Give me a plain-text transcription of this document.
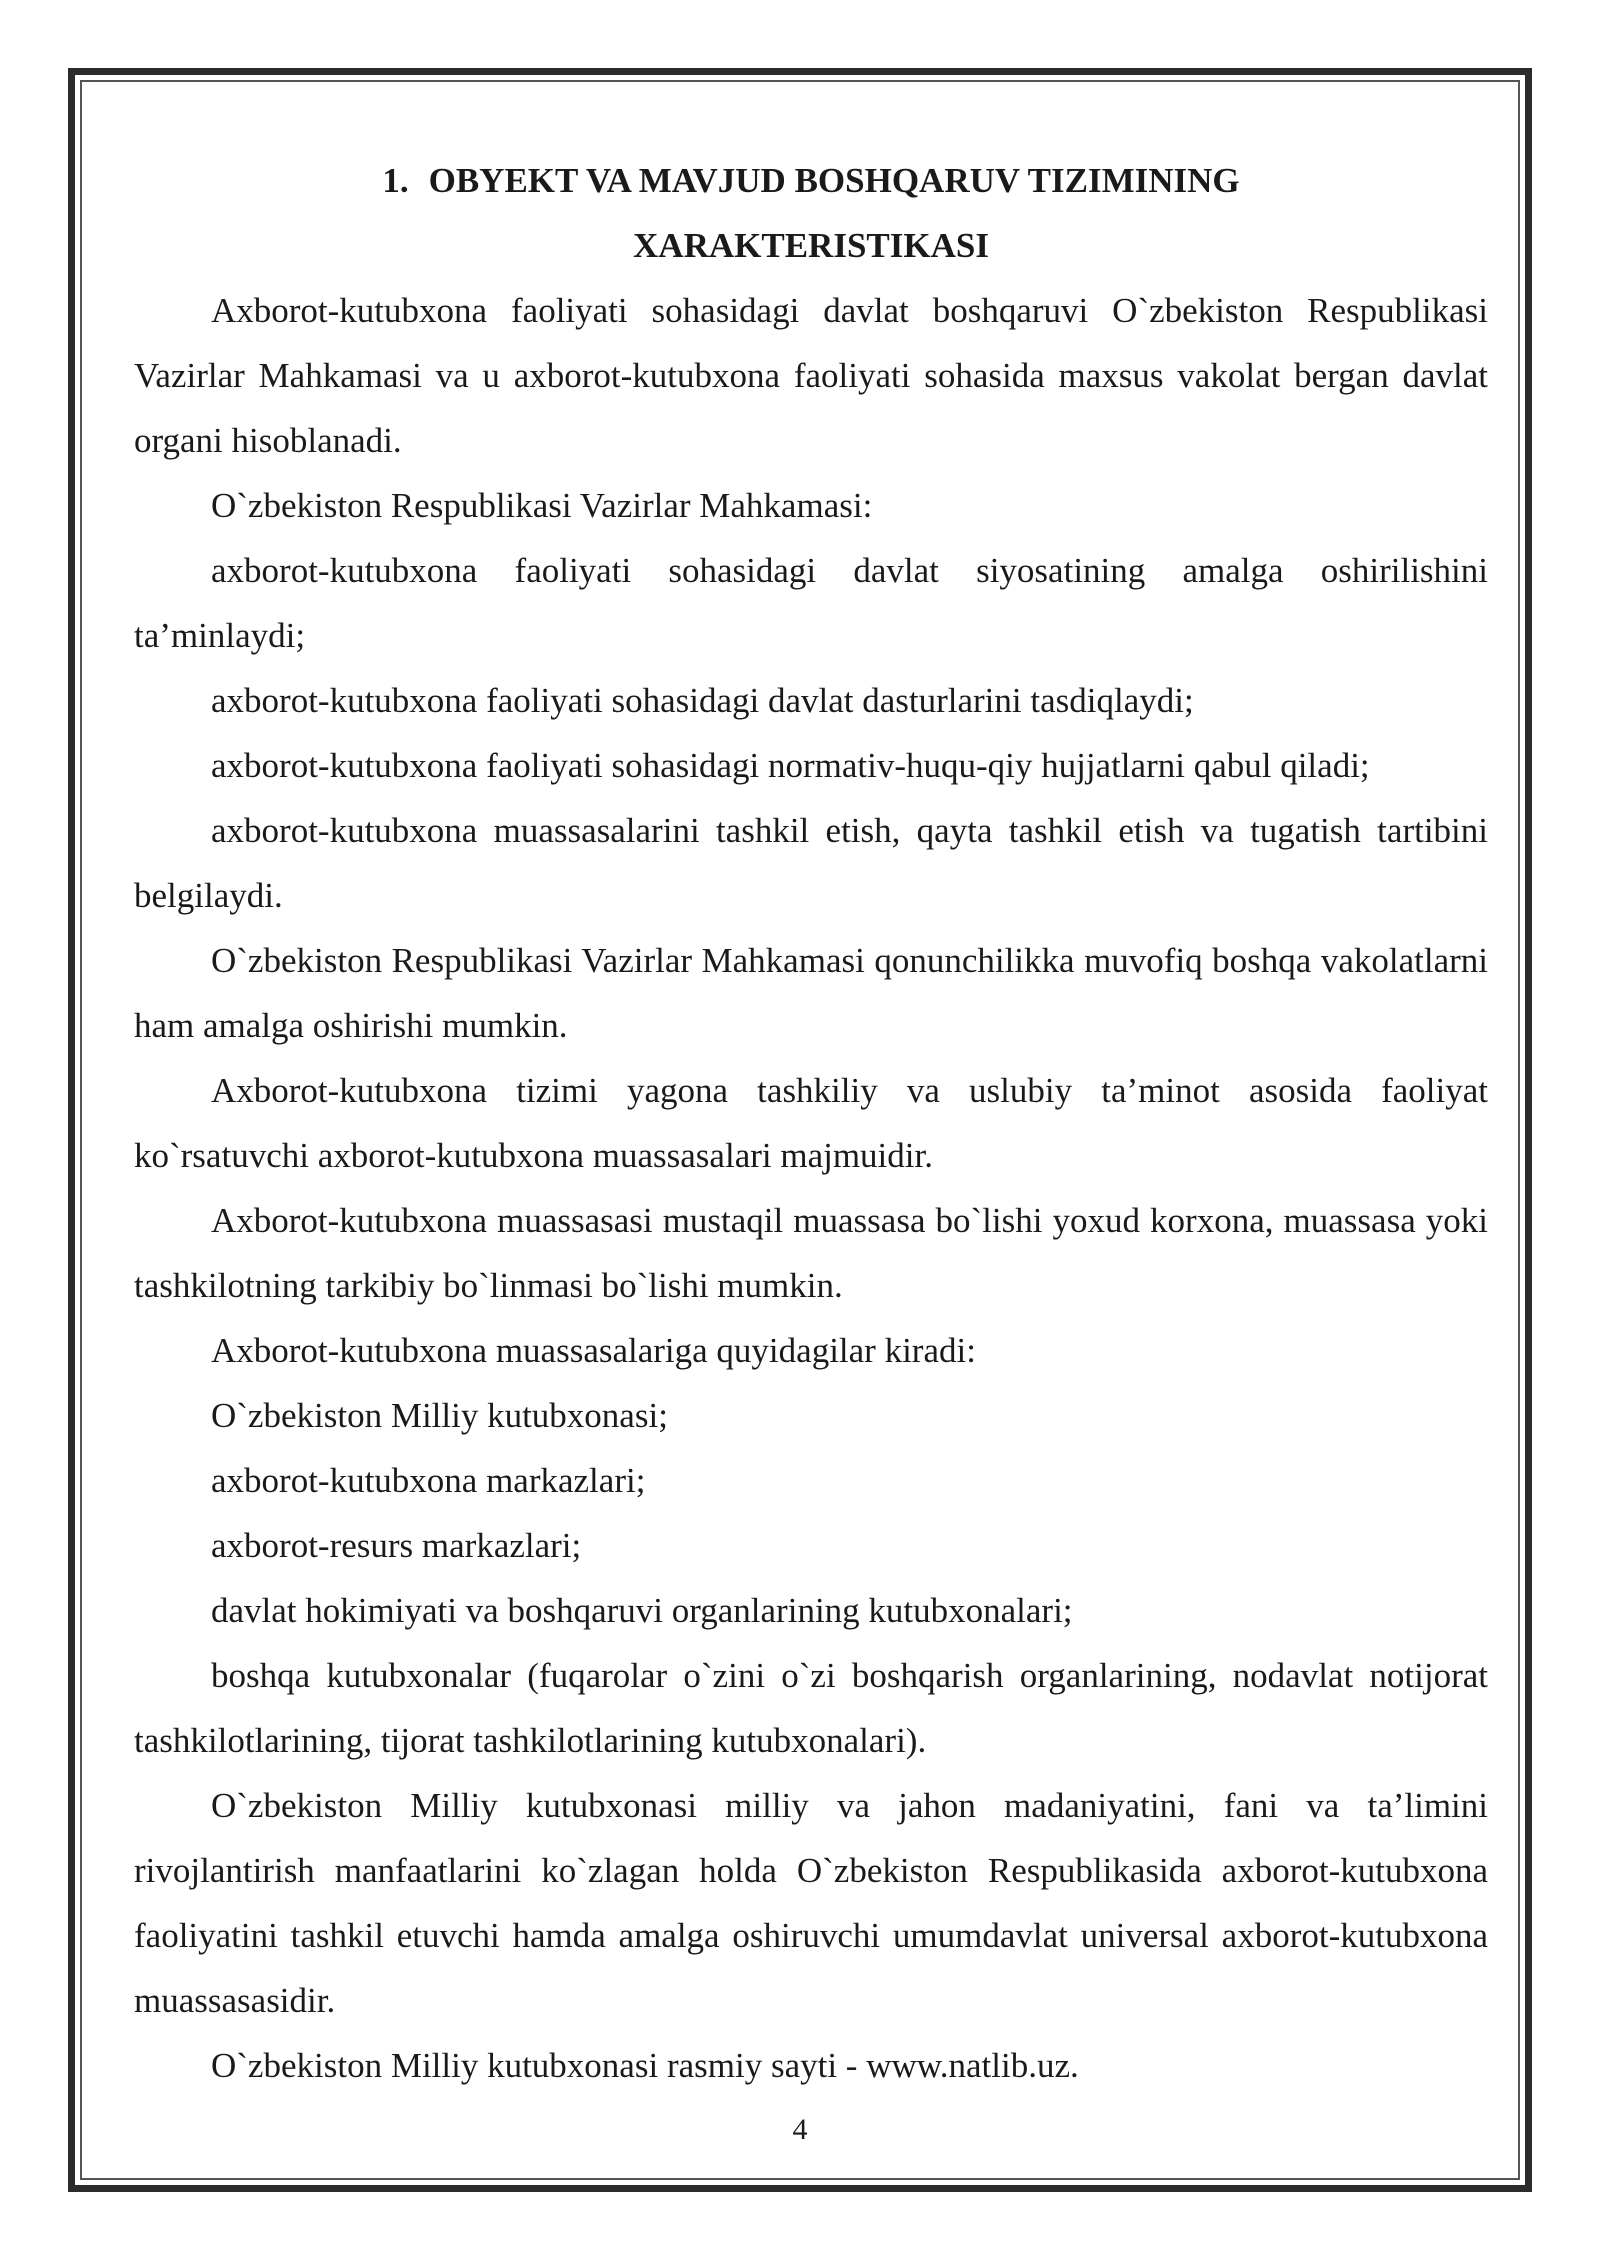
1. OBYEKT VA MAVJUD BOSHQARUV TIZIMINING
XARAKTERISTIKASI

Axborot-kutubxona faoliyati sohasidagi davlat boshqaruvi O`zbekiston Respublikasi Vazirlar Mahkamasi va u axborot-kutubxona faoliyati sohasida maxsus vakolat bergan davlat organi hisoblanadi.

O`zbekiston Respublikasi Vazirlar Mahkamasi:

axborot-kutubxona faoliyati sohasidagi davlat siyosatining amalga oshirilishini ta’minlaydi;

axborot-kutubxona faoliyati sohasidagi davlat dasturlarini tasdiqlaydi;

axborot-kutubxona faoliyati sohasidagi normativ-huqu-qiy hujjatlarni qabul qiladi;

axborot-kutubxona muassasalarini tashkil etish, qayta tashkil etish va tugatish tartibini belgilaydi.

O`zbekiston Respublikasi Vazirlar Mahkamasi qonunchilikka muvofiq boshqa vakolatlarni ham amalga oshirishi mumkin.

Axborot-kutubxona tizimi yagona tashkiliy va uslubiy ta’minot asosida faoliyat ko`rsatuvchi axborot-kutubxona muassasalari majmuidir.

Axborot-kutubxona muassasasi mustaqil muassasa bo`lishi yoxud korxona, muassasa yoki tashkilotning tarkibiy bo`linmasi bo`lishi mumkin.

Axborot-kutubxona muassasalariga quyidagilar kiradi:

O`zbekiston Milliy kutubxonasi;

axborot-kutubxona markazlari;

axborot-resurs markazlari;

davlat hokimiyati va boshqaruvi organlarining kutubxonalari;

boshqa kutubxonalar (fuqarolar o`zini o`zi boshqarish organlarining, nodavlat notijorat tashkilotlarining, tijorat tashkilotlarining kutubxonalari).

O`zbekiston Milliy kutubxonasi milliy va jahon madaniyatini, fani va ta’limini rivojlantirish manfaatlarini ko`zlagan holda O`zbekiston Respublikasida axborot-kutubxona faoliyatini tashkil etuvchi hamda amalga oshiruvchi umumdavlat universal axborot-kutubxona muassasasidir.

O`zbekiston Milliy kutubxonasi rasmiy sayti - www.natlib.uz.

4
